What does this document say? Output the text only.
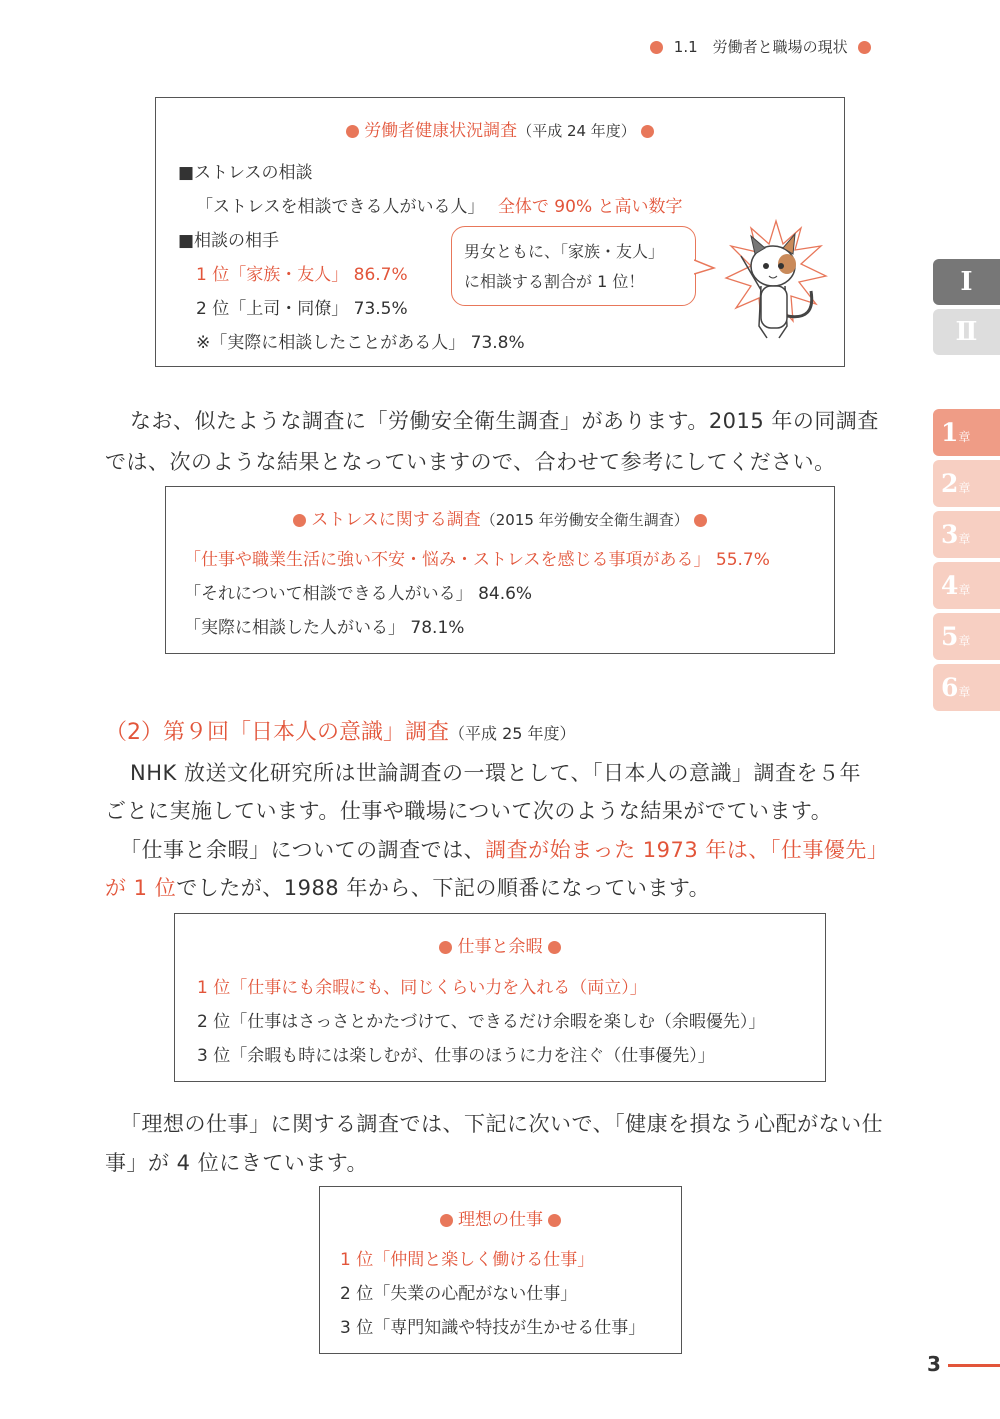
1.1　労働者と職場の現状
Ⅰ
Ⅱ
1章
2章
3章
4章
5章
6章
労働者健康状況調査（平成 24 年度）
■ストレスの相談
「ストレスを相談できる人がいる人」 全体で 90% と高い数字
■相談の相手
1 位「家族・友人」 86.7%
2 位「上司・同僚」 73.5%
※「実際に相談したことがある人」 73.8%
男女ともに、「家族・友人」
に相談する割合が 1 位！
なお、似たような調査に「労働安全衛生調査」があります。2015 年の同調査
では、次のような結果となっていますので、合わせて参考にしてください。
ストレスに関する調査（2015 年労働安全衛生調査）
「仕事や職業生活に強い不安・悩み・ストレスを感じる事項がある」 55.7%
「それについて相談できる人がいる」 84.6%
「実際に相談した人がいる」 78.1%
（2）第９回「日本人の意識」調査（平成 25 年度）
NHK 放送文化研究所は世論調査の一環として、「日本人の意識」調査を５年
ごとに実施しています。仕事や職場について次のような結果がでています。
「仕事と余暇」についての調査では、調査が始まった 1973 年は、「仕事優先」
が 1 位でしたが、1988 年から、下記の順番になっています。
仕事と余暇
1 位「仕事にも余暇にも、同じくらい力を入れる（両立）」
2 位「仕事はさっさとかたづけて、できるだけ余暇を楽しむ（余暇優先）」
3 位「余暇も時には楽しむが、仕事のほうに力を注ぐ（仕事優先）」
「理想の仕事」に関する調査では、下記に次いで、「健康を損なう心配がない仕
事」が 4 位にきています。
理想の仕事
1 位「仲間と楽しく働ける仕事」
2 位「失業の心配がない仕事」
3 位「専門知識や特技が生かせる仕事」
3
